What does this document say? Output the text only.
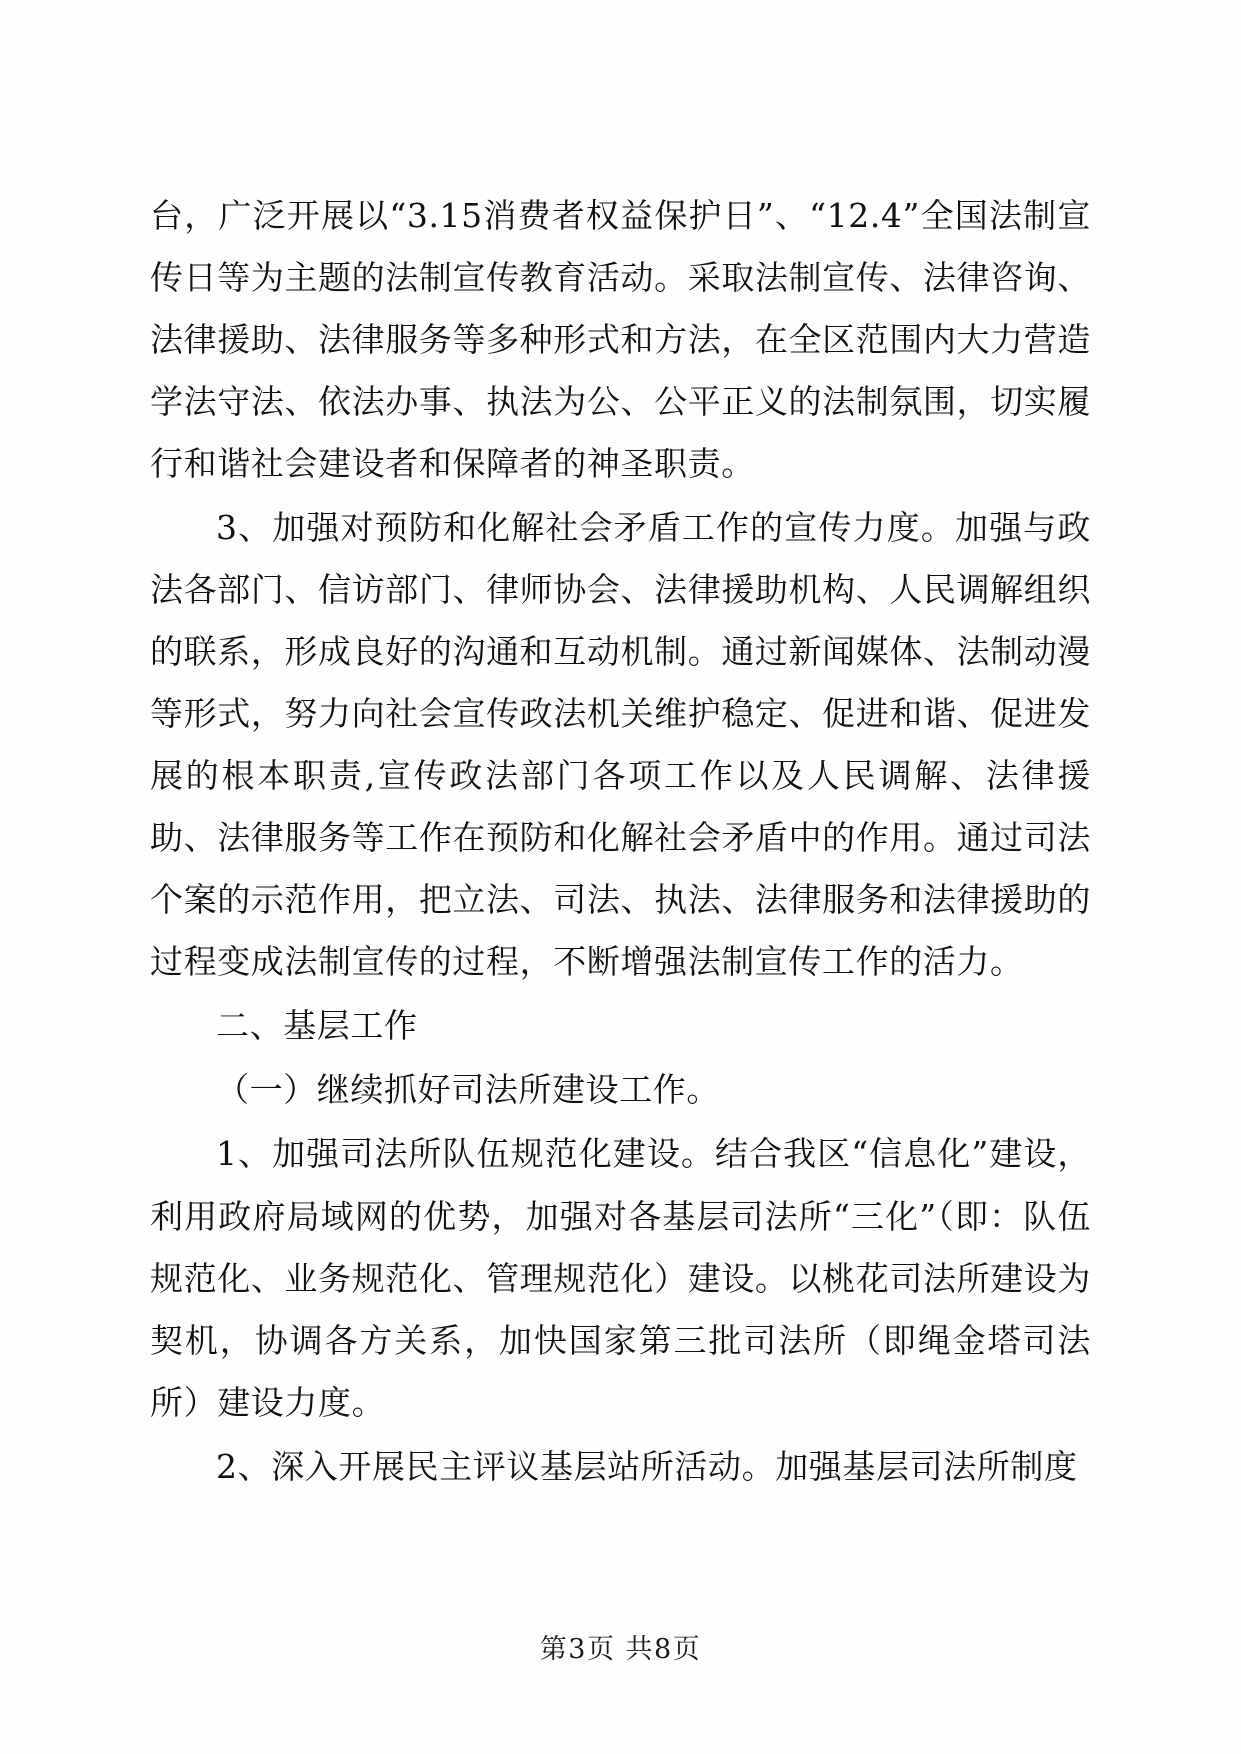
台，广泛开展以“3.15消费者权益保护日”、“12.4”全国法制宣传日等为主题的法制宣传教育活动。采取法制宣传、法律咨询、法律援助、法律服务等多种形式和方法，在全区范围内大力营造学法守法、依法办事、执法为公、公平正义的法制氛围，切实履行和谐社会建设者和保障者的神圣职责。

3、加强对预防和化解社会矛盾工作的宣传力度。加强与政法各部门、信访部门、律师协会、法律援助机构、人民调解组织的联系，形成良好的沟通和互动机制。通过新闻媒体、法制动漫等形式，努力向社会宣传政法机关维护稳定、促进和谐、促进发展的根本职责,宣传政法部门各项工作以及人民调解、法律援助、法律服务等工作在预防和化解社会矛盾中的作用。通过司法个案的示范作用，把立法、司法、执法、法律服务和法律援助的过程变成法制宣传的过程，不断增强法制宣传工作的活力。

二、基层工作

（一）继续抓好司法所建设工作。

1、加强司法所队伍规范化建设。结合我区“信息化”建设，利用政府局域网的优势，加强对各基层司法所“三化”（即：队伍规范化、业务规范化、管理规范化）建设。以桃花司法所建设为契机，协调各方关系，加快国家第三批司法所（即绳金塔司法所）建设力度。

2、深入开展民主评议基层站所活动。加强基层司法所制度

第3页 共8页
